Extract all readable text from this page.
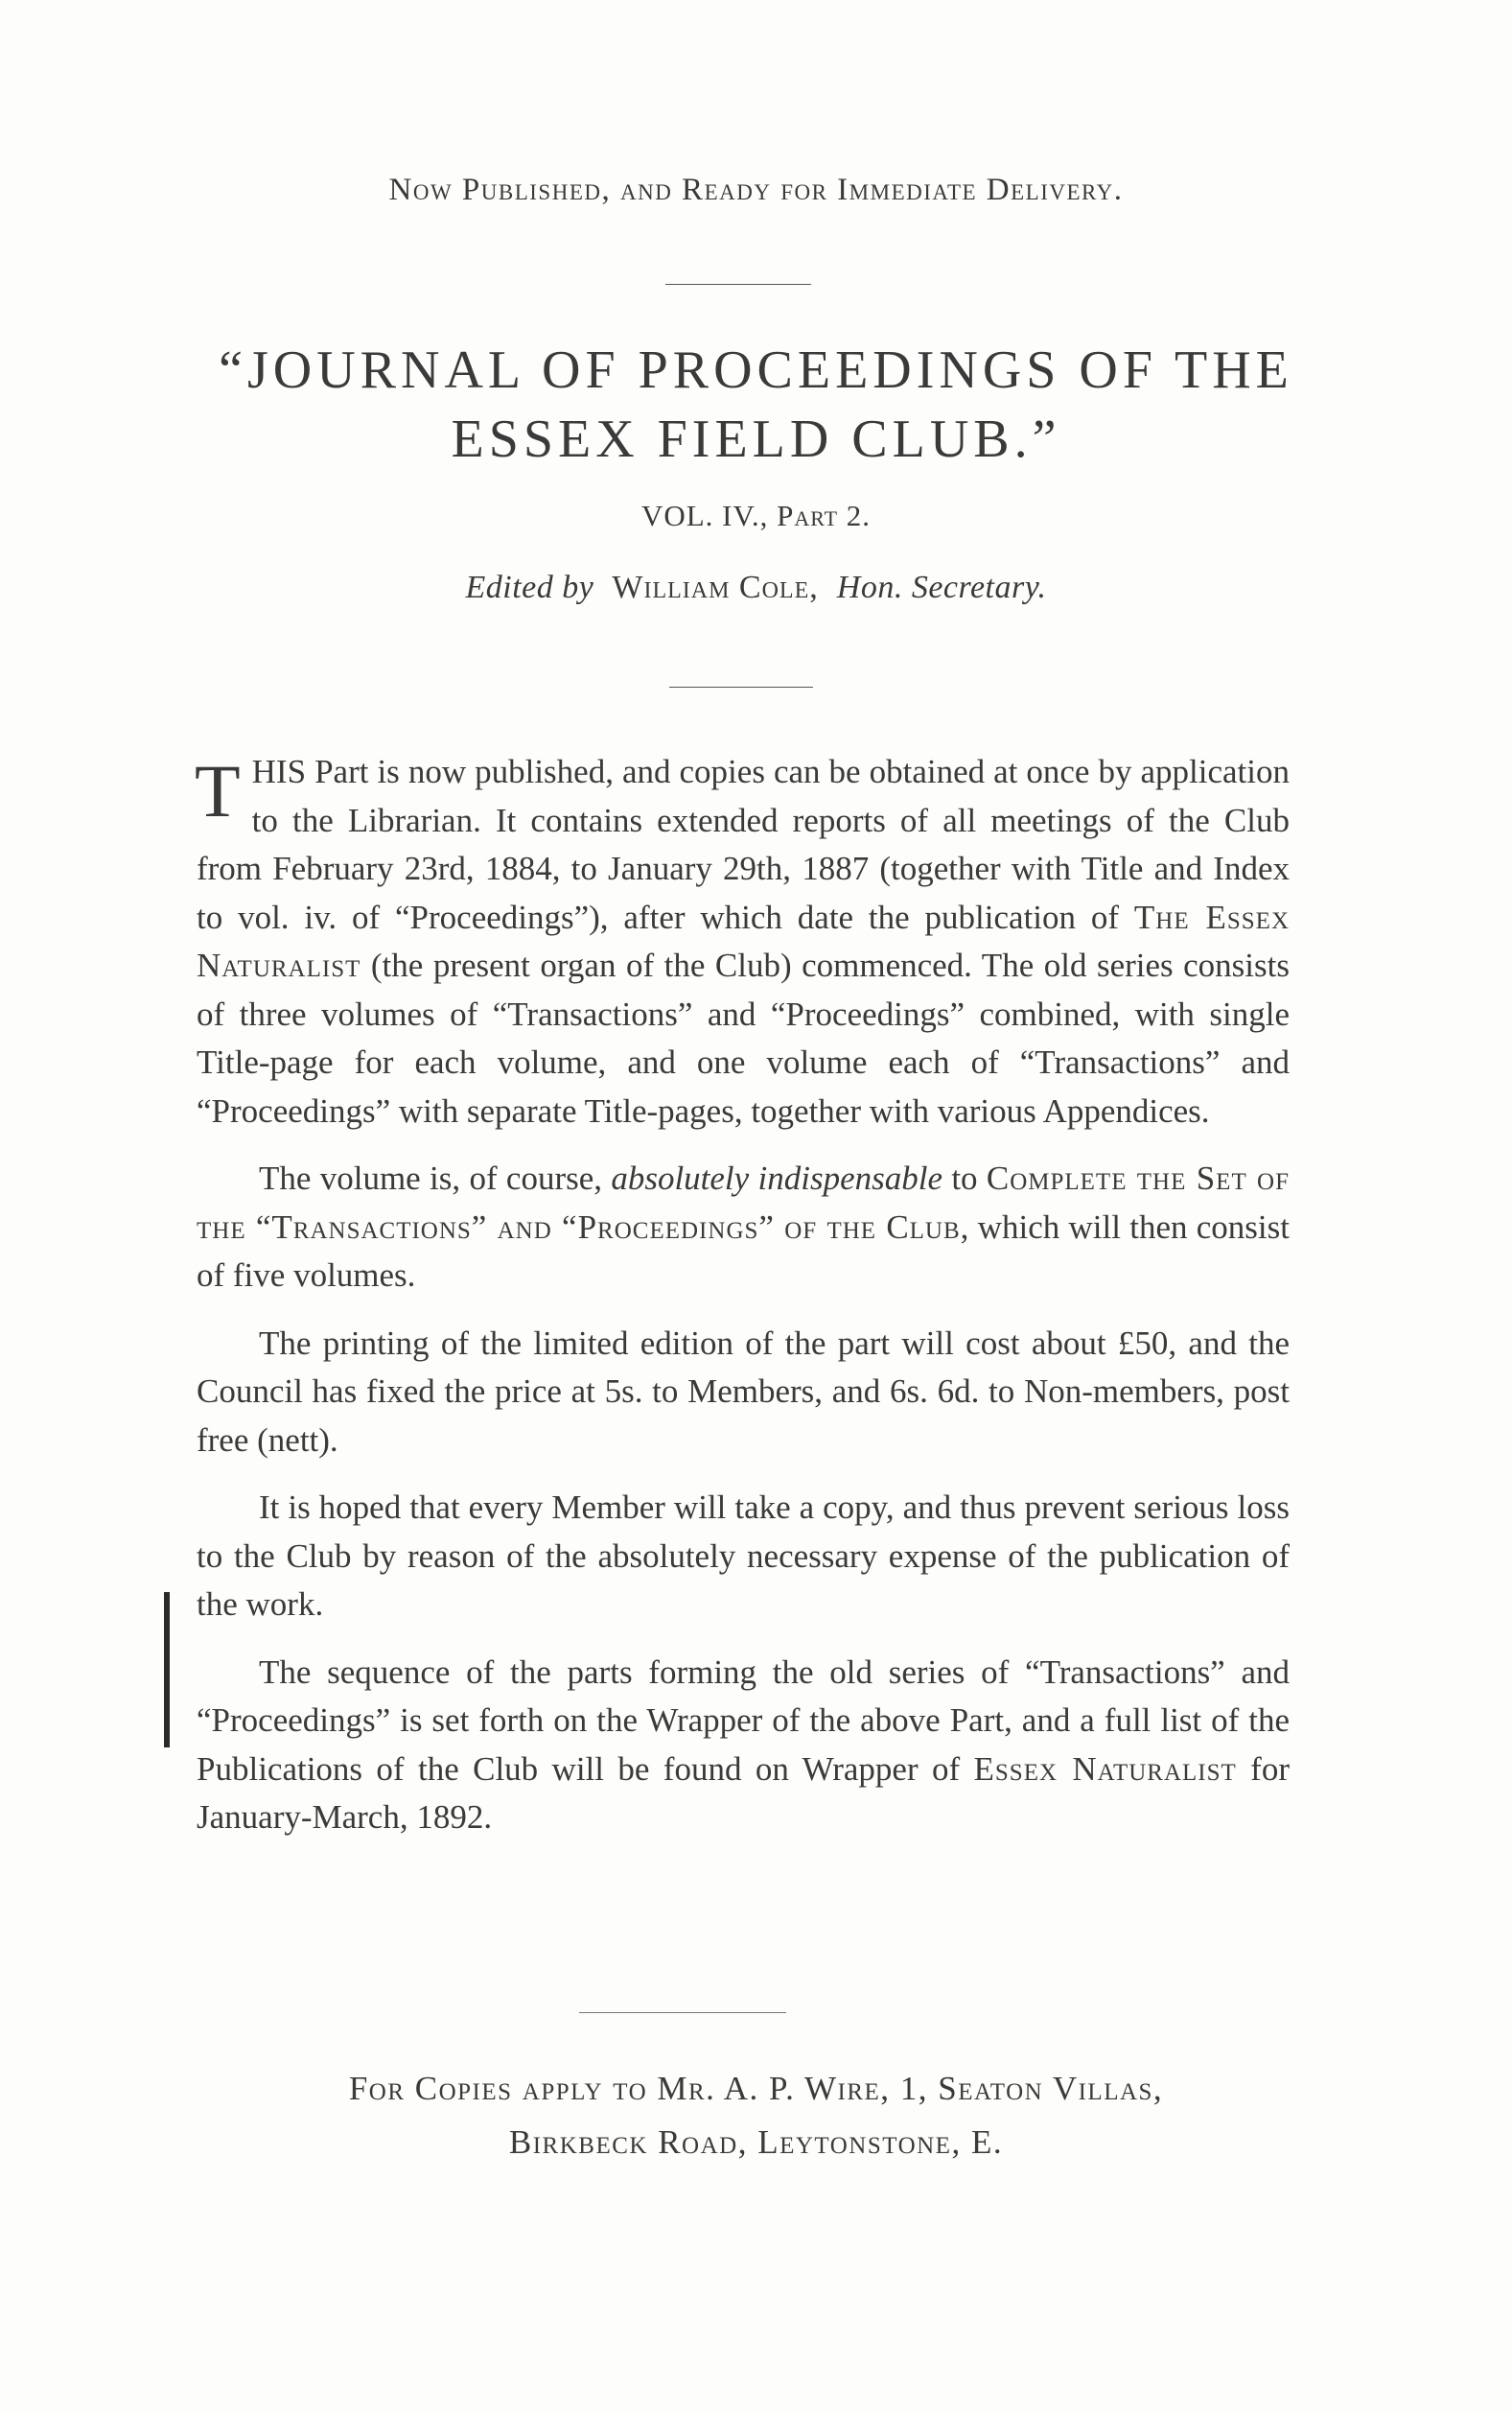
Now Published, and Ready for Immediate Delivery.
“JOURNAL OF PROCEEDINGS OF THE
ESSEX FIELD CLUB.”
VOL. IV., Part 2.
Edited by William Cole, Hon. Secretary.

THIS Part is now published, and copies can be obtained at once by application to the Librarian. It contains extended reports of all meetings of the Club from February 23rd, 1884, to January 29th, 1887 (together with Title and Index to vol. iv. of “Proceedings”), after which date the publication of The Essex Naturalist (the present organ of the Club) commenced. The old series consists of three volumes of “Transactions” and “Proceedings” combined, with single Title-page for each volume, and one volume each of “Transactions” and “Proceedings” with separate Title-pages, together with various Appendices.

The volume is, of course, absolutely indispensable to Complete the Set of the “Transactions” and “Proceedings” of the Club, which will then consist of five volumes.

The printing of the limited edition of the part will cost about £50, and the Council has fixed the price at 5s. to Members, and 6s. 6d. to Non-members, post free (nett).

It is hoped that every Member will take a copy, and thus prevent serious loss to the Club by reason of the absolutely necessary expense of the publication of the work.

The sequence of the parts forming the old series of “Transactions” and “Proceedings” is set forth on the Wrapper of the above Part, and a full list of the Publications of the Club will be found on Wrapper of Essex Naturalist for January-March, 1892.

For Copies apply to Mr. A. P. Wire, 1, Seaton Villas,
Birkbeck Road, Leytonstone, E.
